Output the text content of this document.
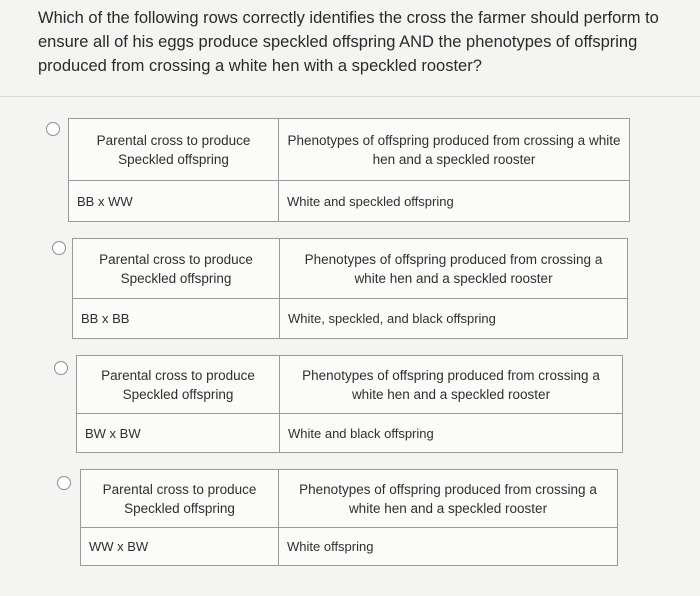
Which of the following rows correctly identifies the cross the farmer should perform to ensure all of his eggs produce speckled offspring AND the phenotypes of offspring produced from crossing a white hen with a speckled rooster?
Parental cross to produce Speckled offspring	Phenotypes of offspring produced from crossing a white hen and a speckled rooster
BB x WW	White and speckled offspring
Parental cross to produce Speckled offspring	Phenotypes of offspring produced from crossing a white hen and a speckled rooster
BB x BB	White, speckled, and black offspring
Parental cross to produce Speckled offspring	Phenotypes of offspring produced from crossing a white hen and a speckled rooster
BW x BW	White and black offspring
Parental cross to produce Speckled offspring	Phenotypes of offspring produced from crossing a white hen and a speckled rooster
WW x BW	White offspring
